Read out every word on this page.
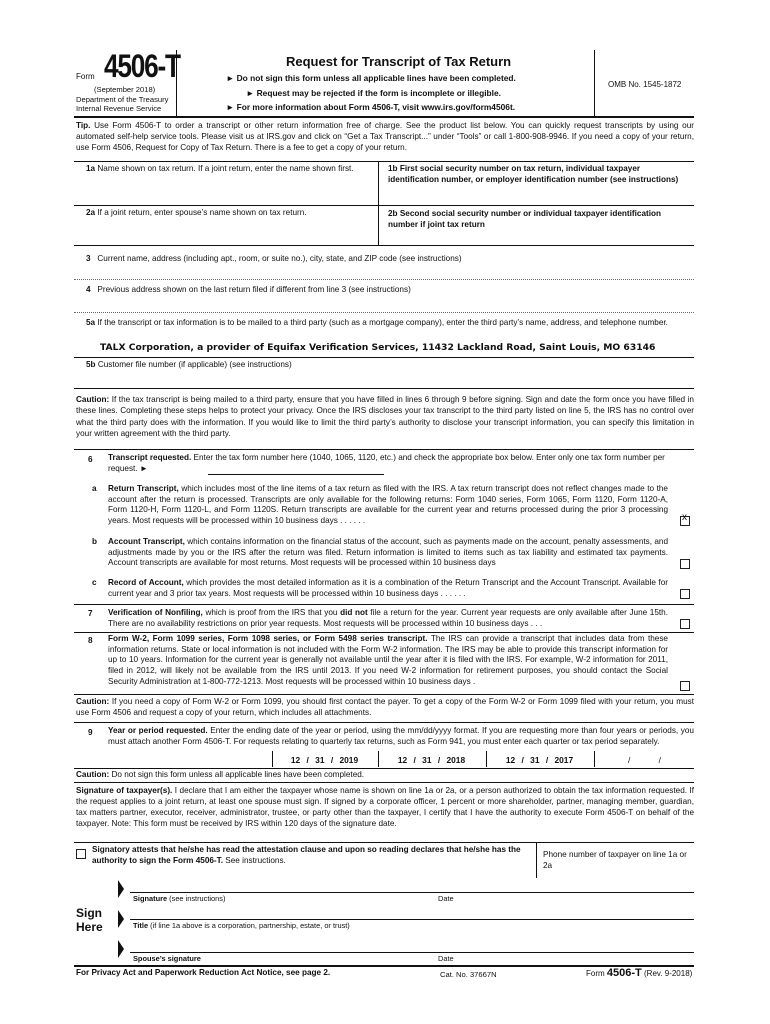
Form 4506-T
(September 2018)
Department of the Treasury
Internal Revenue Service
Request for Transcript of Tax Return
► Do not sign this form unless all applicable lines have been completed.
► Request may be rejected if the form is incomplete or illegible.
► For more information about Form 4506-T, visit www.irs.gov/form4506t.
OMB No. 1545-1872
Tip. Use Form 4506-T to order a transcript or other return information free of charge. See the product list below. You can quickly request transcripts by using our automated self-help service tools. Please visit us at IRS.gov and click on “Get a Tax Transcript...” under “Tools” or call 1-800-908-9946. If you need a copy of your return, use Form 4506, Request for Copy of Tax Return. There is a fee to get a copy of your return.
1a Name shown on tax return. If a joint return, enter the name shown first.	1b First social security number on tax return, individual taxpayer identification number, or employer identification number (see instructions)
2a If a joint return, enter spouse’s name shown on tax return.	2b Second social security number or individual taxpayer identification number if joint tax return
3 Current name, address (including apt., room, or suite no.), city, state, and ZIP code (see instructions)
4 Previous address shown on the last return filed if different from line 3 (see instructions)
5a If the transcript or tax information is to be mailed to a third party (such as a mortgage company), enter the third party’s name, address, and telephone number.
TALX Corporation, a provider of Equifax Verification Services, 11432 Lackland Road, Saint Louis, MO 63146
5b Customer file number (if applicable) (see instructions)
Caution: If the tax transcript is being mailed to a third party, ensure that you have filled in lines 6 through 9 before signing. Sign and date the form once you have filled in these lines. Completing these steps helps to protect your privacy. Once the IRS discloses your tax transcript to the third party listed on line 5, the IRS has no control over what the third party does with the information. If you would like to limit the third party’s authority to disclose your transcript information, you can specify this limitation in your written agreement with the third party.
6 Transcript requested. Enter the tax form number here (1040, 1065, 1120, etc.) and check the appropriate box below. Enter only one tax form number per request. ►
a Return Transcript, which includes most of the line items of a tax return as filed with the IRS. A tax return transcript does not reflect changes made to the account after the return is processed. Transcripts are only available for the following returns: Form 1040 series, Form 1065, Form 1120, Form 1120-A, Form 1120-H, Form 1120-L, and Form 1120S. Return transcripts are available for the current year and returns processed during the prior 3 processing years. Most requests will be processed within 10 business days . . . . . .	x
b Account Transcript, which contains information on the financial status of the account, such as payments made on the account, penalty assessments, and adjustments made by you or the IRS after the return was filed. Return information is limited to items such as tax liability and estimated tax payments. Account transcripts are available for most returns. Most requests will be processed within 10 business days
c Record of Account, which provides the most detailed information as it is a combination of the Return Transcript and the Account Transcript. Available for current year and 3 prior tax years. Most requests will be processed within 10 business days . . . . . .
7 Verification of Nonfiling, which is proof from the IRS that you did not file a return for the year. Current year requests are only available after June 15th. There are no availability restrictions on prior year requests. Most requests will be processed within 10 business days . . .
8 Form W-2, Form 1099 series, Form 1098 series, or Form 5498 series transcript. The IRS can provide a transcript that includes data from these information returns. State or local information is not included with the Form W-2 information. The IRS may be able to provide this transcript information for up to 10 years. Information for the current year is generally not available until the year after it is filed with the IRS. For example, W-2 information for 2011, filed in 2012, will likely not be available from the IRS until 2013. If you need W-2 information for retirement purposes, you should contact the Social Security Administration at 1-800-772-1213. Most requests will be processed within 10 business days .
Caution: If you need a copy of Form W-2 or Form 1099, you should first contact the payer. To get a copy of the Form W-2 or Form 1099 filed with your return, you must use Form 4506 and request a copy of your return, which includes all attachments.
9 Year or period requested. Enter the ending date of the year or period, using the mm/dd/yyyy format. If you are requesting more than four years or periods, you must attach another Form 4506-T. For requests relating to quarterly tax returns, such as Form 941, you must enter each quarter or tax period separately.
12 / 31 / 2019	12 / 31 / 2018	12 / 31 / 2017	/ /
Caution: Do not sign this form unless all applicable lines have been completed.
Signature of taxpayer(s). I declare that I am either the taxpayer whose name is shown on line 1a or 2a, or a person authorized to obtain the tax information requested. If the request applies to a joint return, at least one spouse must sign. If signed by a corporate officer, 1 percent or more shareholder, partner, managing member, guardian, tax matters partner, executor, receiver, administrator, trustee, or party other than the taxpayer, I certify that I have the authority to execute Form 4506-T on behalf of the taxpayer. Note: This form must be received by IRS within 120 days of the signature date.
Signatory attests that he/she has read the attestation clause and upon so reading declares that he/she has the authority to sign the Form 4506-T. See instructions.
Phone number of taxpayer on line 1a or 2a
Sign
Here
Signature (see instructions)	Date
Title (if line 1a above is a corporation, partnership, estate, or trust)
Spouse’s signature	Date
For Privacy Act and Paperwork Reduction Act Notice, see page 2.	Cat. No. 37667N	Form 4506-T (Rev. 9-2018)
